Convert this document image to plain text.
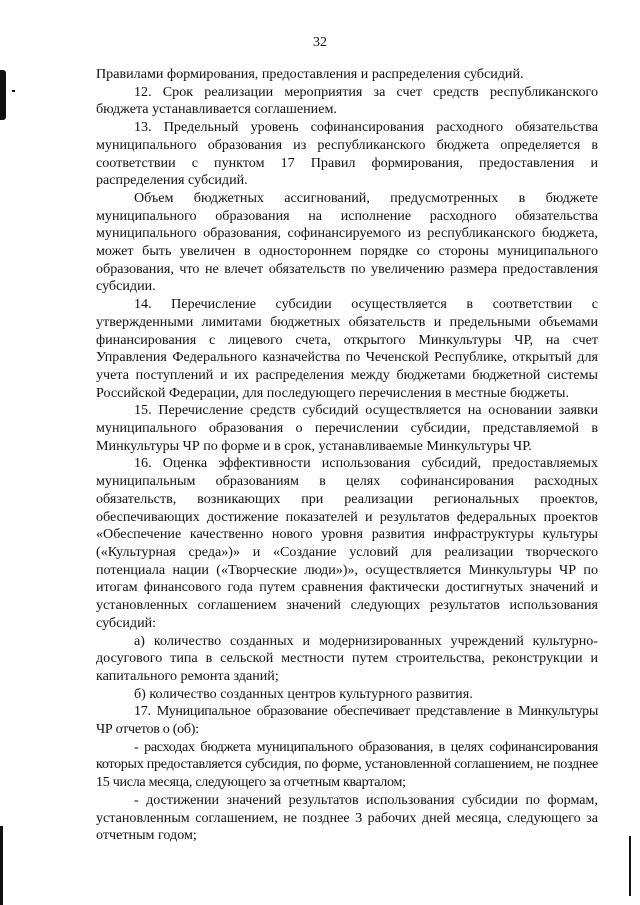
32

Правилами формирования, предоставления и распределения субсидий.

12. Срок реализации мероприятия за счет средств республиканского бюджета устанавливается соглашением.

13. Предельный уровень софинансирования расходного обязательства муниципального образования из республиканского бюджета определяется в соответствии с пунктом 17 Правил формирования, предоставления и распределения субсидий.

Объем бюджетных ассигнований, предусмотренных в бюджете муниципального образования на исполнение расходного обязательства муниципального образования, софинансируемого из республиканского бюджета, может быть увеличен в одностороннем порядке со стороны муниципального образования, что не влечет обязательств по увеличению размера предоставления субсидии.

14. Перечисление субсидии осуществляется в соответствии с утвержденными лимитами бюджетных обязательств и предельными объемами финансирования с лицевого счета, открытого Минкультуры ЧР, на счет Управления Федерального казначейства по Чеченской Республике, открытый для учета поступлений и их распределения между бюджетами бюджетной системы Российской Федерации, для последующего перечисления в местные бюджеты.

15. Перечисление средств субсидий осуществляется на основании заявки муниципального образования о перечислении субсидии, представляемой в Минкультуры ЧР по форме и в срок, устанавливаемые Минкультуры ЧР.

16. Оценка эффективности использования субсидий, предоставляемых муниципальным образованиям в целях софинансирования расходных обязательств, возникающих при реализации региональных проектов, обеспечивающих достижение показателей и результатов федеральных проектов «Обеспечение качественно нового уровня развития инфраструктуры культуры («Культурная среда»)» и «Создание условий для реализации творческого потенциала нации («Творческие люди»)», осуществляется Минкультуры ЧР по итогам финансового года путем сравнения фактически достигнутых значений и установленных соглашением значений следующих результатов использования субсидий:

а) количество созданных и модернизированных учреждений культурно-досугового типа в сельской местности путем строительства, реконструкции и капитального ремонта зданий;

б) количество созданных центров культурного развития.

17. Муниципальное образование обеспечивает представление в Минкультуры ЧР отчетов о (об):

- расходах бюджета муниципального образования, в целях софинансирования которых предоставляется субсидия, по форме, установленной соглашением, не позднее 15 числа месяца, следующего за отчетным кварталом;

- достижении значений результатов использования субсидии по формам, установленным соглашением, не позднее 3 рабочих дней месяца, следующего за отчетным годом;
